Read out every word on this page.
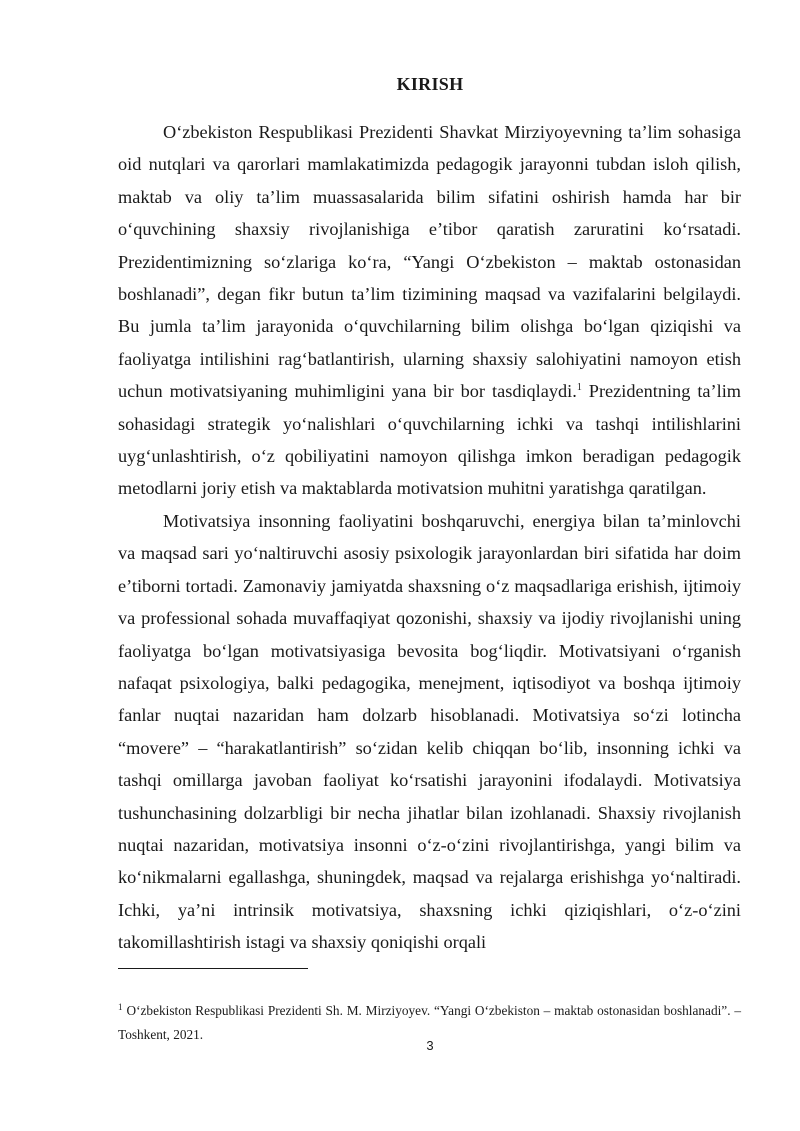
KIRISH

O‘zbekiston Respublikasi Prezidenti Shavkat Mirziyoyevning ta’lim sohasiga oid nutqlari va qarorlari mamlakatimizda pedagogik jarayonni tubdan isloh qilish, maktab va oliy ta’lim muassasalarida bilim sifatini oshirish hamda har bir o‘quvchining shaxsiy rivojlanishiga e’tibor qaratish zaruratini ko‘rsatadi. Prezidentimizning so‘zlariga ko‘ra, “Yangi O‘zbekiston – maktab ostonasidan boshlanadi”, degan fikr butun ta’lim tizimining maqsad va vazifalarini belgilaydi. Bu jumla ta’lim jarayonida o‘quvchilarning bilim olishga bo‘lgan qiziqishi va faoliyatga intilishini rag‘batlantirish, ularning shaxsiy salohiyatini namoyon etish uchun motivatsiyaning muhimligini yana bir bor tasdiqlaydi.$^1$ Prezidentning ta’lim sohasidagi strategik yo‘nalishlari o‘quvchilarning ichki va tashqi intilishlarini uyg‘unlashtirish, o‘z qobiliyatini namoyon qilishga imkon beradigan pedagogik metodlarni joriy etish va maktablarda motivatsion muhitni yaratishga qaratilgan.

Motivatsiya insonning faoliyatini boshqaruvchi, energiya bilan ta’minlovchi va maqsad sari yo‘naltiruvchi asosiy psixologik jarayonlardan biri sifatida har doim e’tiborni tortadi. Zamonaviy jamiyatda shaxsning o‘z maqsadlariga erishish, ijtimoiy va professional sohada muvaffaqiyat qozonishi, shaxsiy va ijodiy rivojlanishi uning faoliyatga bo‘lgan motivatsiyasiga bevosita bog‘liqdir. Motivatsiyani o‘rganish nafaqat psixologiya, balki pedagogika, menejment, iqtisodiyot va boshqa ijtimoiy fanlar nuqtai nazaridan ham dolzarb hisoblanadi. Motivatsiya so‘zi lotincha “movere” – “harakatlantirish” so‘zidan kelib chiqqan bo‘lib, insonning ichki va tashqi omillarga javoban faoliyat ko‘rsatishi jarayonini ifodalaydi. Motivatsiya tushunchasining dolzarbligi bir necha jihatlar bilan izohlanadi. Shaxsiy rivojlanish nuqtai nazaridan, motivatsiya insonni o‘z-o‘zini rivojlantirishga, yangi bilim va ko‘nikmalarni egallashga, shuningdek, maqsad va rejalarga erishishga yo‘naltiradi. Ichki, ya’ni intrinsik motivatsiya, shaxsning ichki qiziqishlari, o‘z-o‘zini takomillashtirish istagi va shaxsiy qoniqishi orqali

$^1$ O‘zbekiston Respublikasi Prezidenti Sh. M. Mirziyoyev. “Yangi O‘zbekiston – maktab ostonasidan boshlanadi”. – Toshkent, 2021.
3
